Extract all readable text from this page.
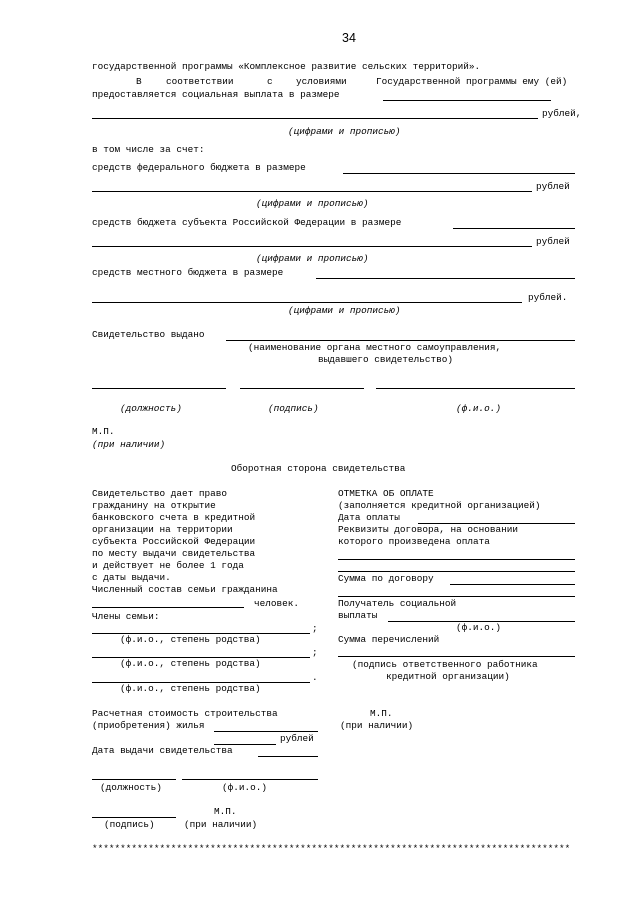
34
государственной программы «Комплексное развитие сельских территорий».
В	соответствии	с условиями	Государственной программы ему (ей)
предоставляется социальная выплата в размере
рублей,
(цифрами и прописью)
в том числе за счет:
средств федерального бюджета в размере
рублей
(цифрами и прописью)
средств бюджета субъекта Российской Федерации в размере
рублей
(цифрами и прописью)
средств местного бюджета в размере
рублей.
(цифрами и прописью)
Свидетельство выдано
(наименование органа местного самоуправления,
выдавшего свидетельство)
(должность)	(подпись)	(ф.и.о.)
М.П.
(при наличии)
Оборотная сторона свидетельства
Свидетельство дает право
гражданину на открытие
банковского счета в кредитной
организации на территории
субъекта Российской Федерации
по месту выдачи свидетельства
и действует не более 1 года
с даты выдачи.
Численный состав семьи гражданина
человек.
Члены семьи:
;
(ф.и.о., степень родства)
;
(ф.и.о., степень родства)
.
(ф.и.о., степень родства)
Расчетная стоимость строительства
(приобретения) жилья
рублей
Дата выдачи свидетельства
(должность)	(ф.и.о.)
М.П.
(подпись)	(при наличии)
ОТМЕТКА ОБ ОПЛАТЕ
(заполняется кредитной организацией)
Дата оплаты
Реквизиты договора, на основании
которого произведена оплата
Сумма по договору
Получатель социальной
выплаты
(ф.и.о.)
Сумма перечислений
(подпись ответственного работника
кредитной организации)
М.П.
(при наличии)
*************************************************************************************
